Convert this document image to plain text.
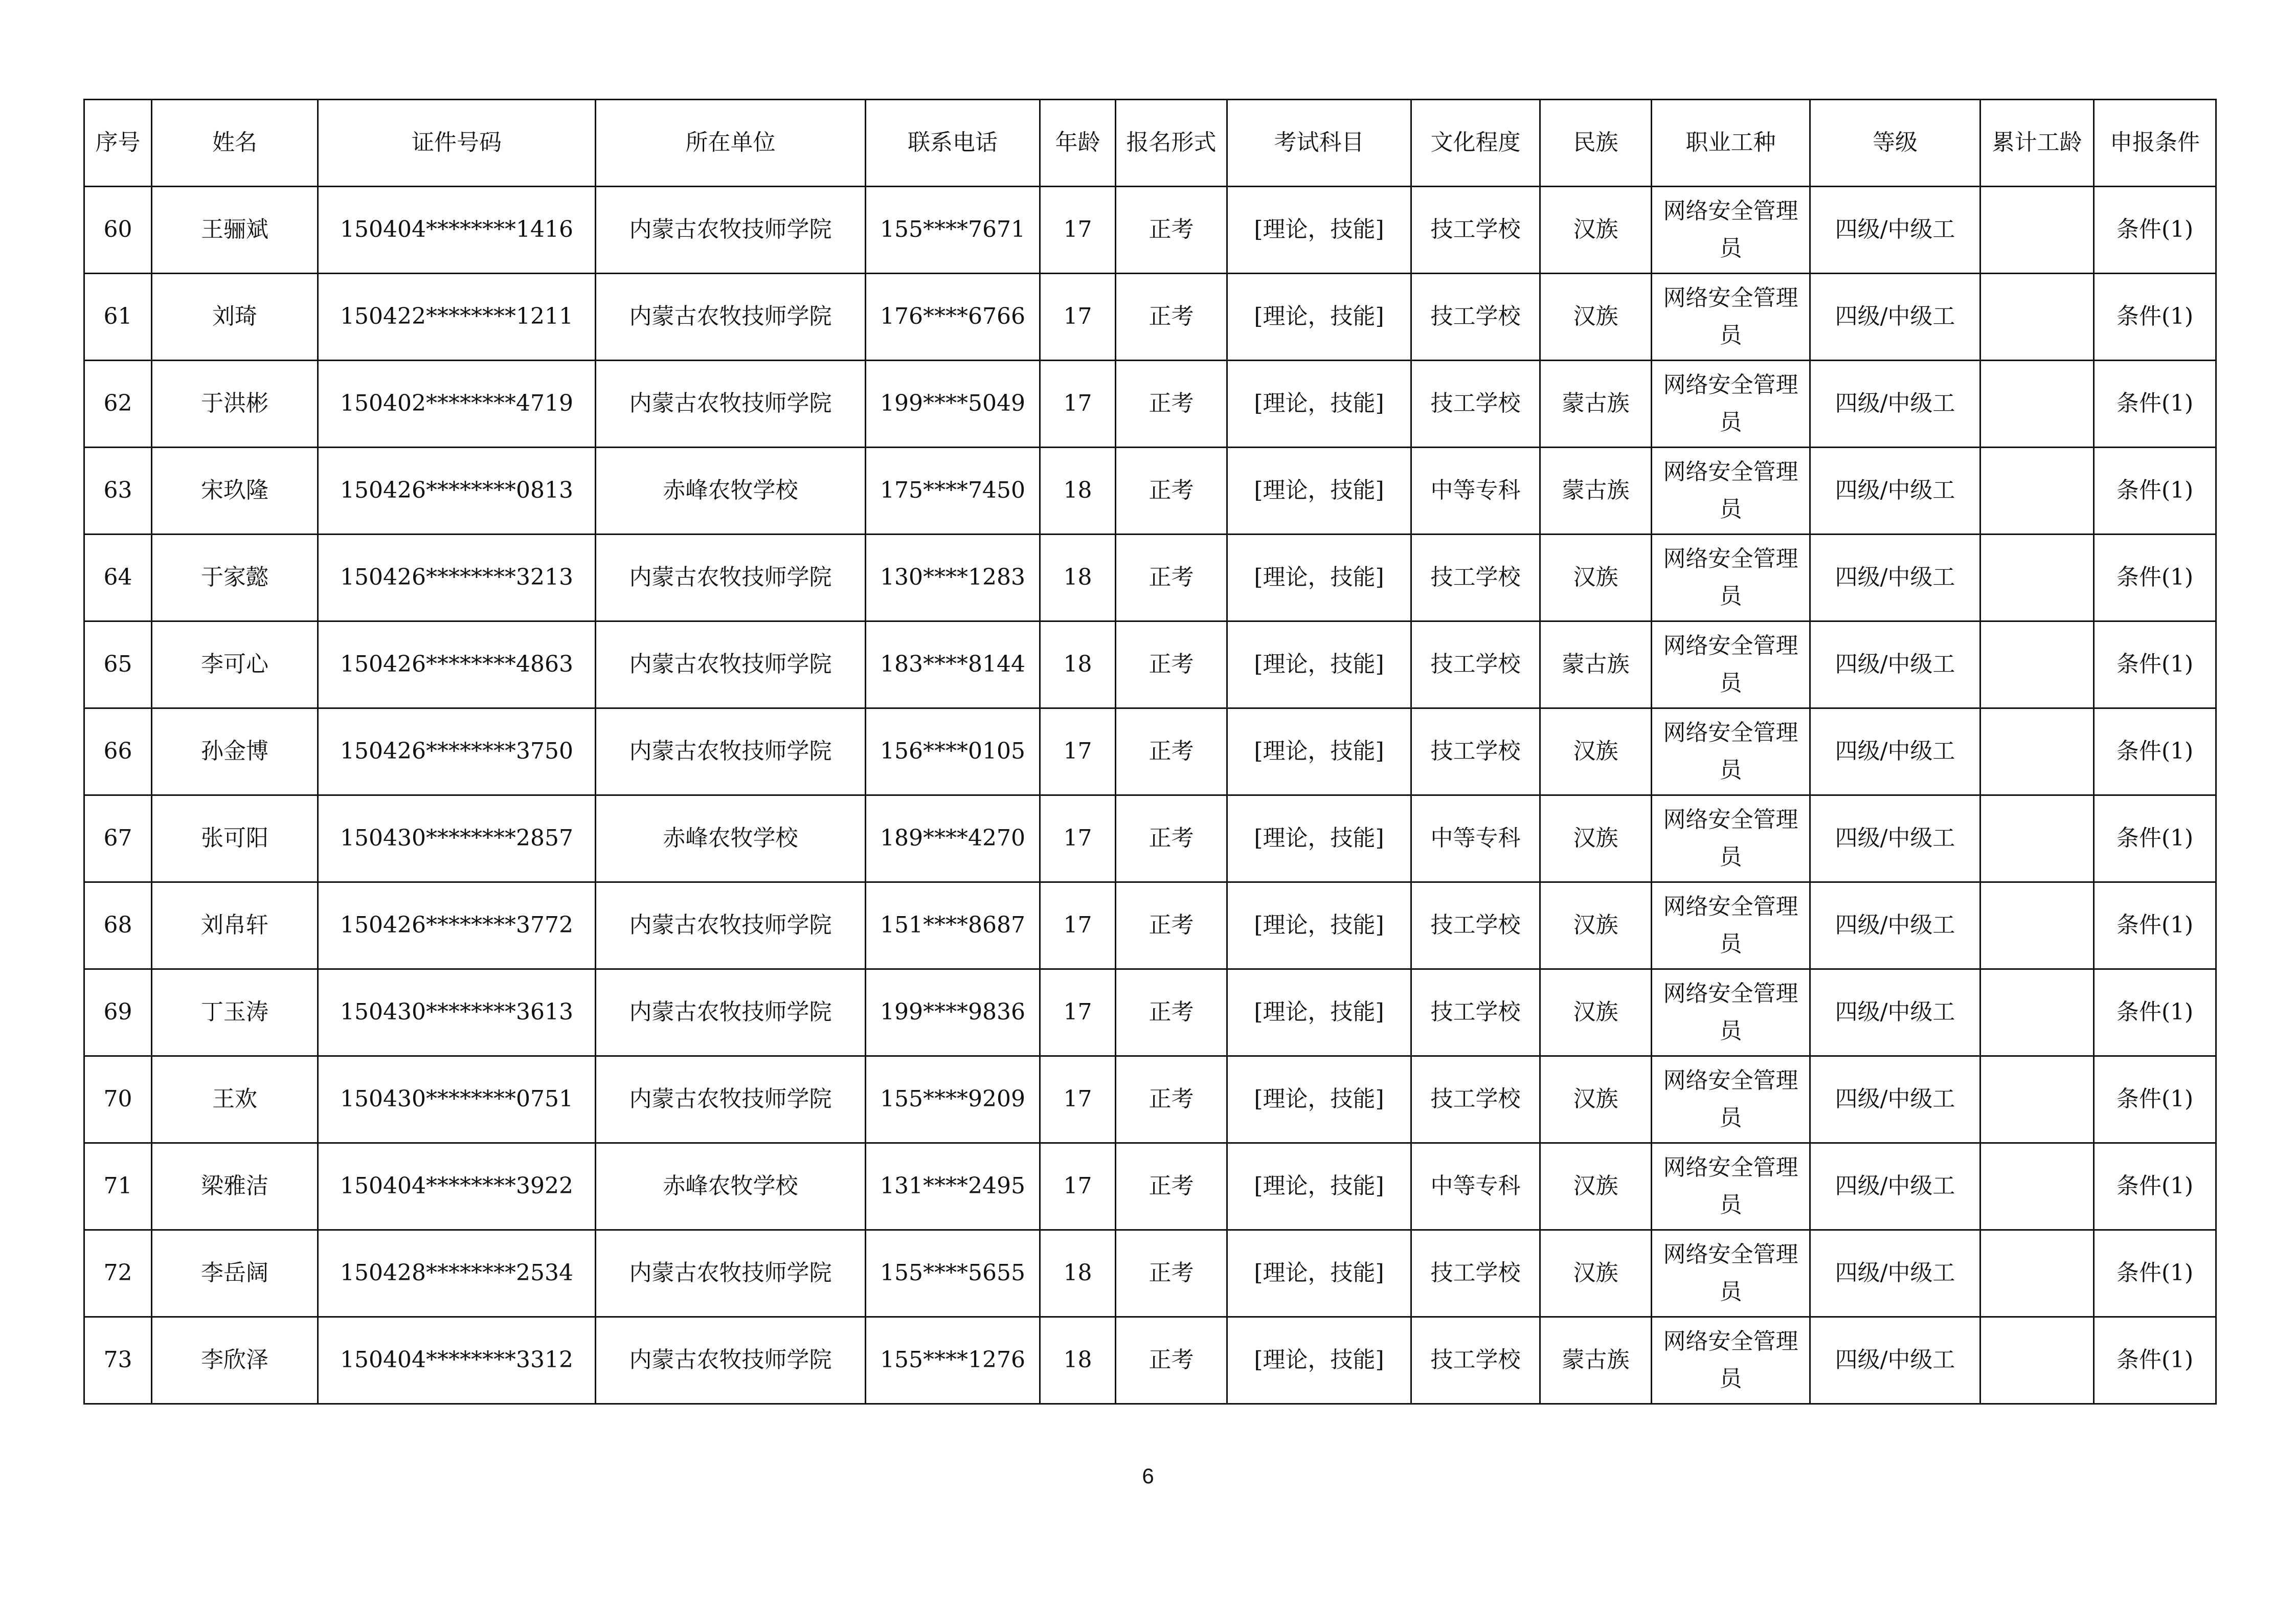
序号	姓名	证件号码	所在单位	联系电话	年龄	报名形式	考试科目	文化程度	民族	职业工种	等级	累计工龄	申报条件
60	王骊斌	150404********1416	内蒙古农牧技师学院	155****7671	17	正考	[理论，技能]	技工学校	汉族	网络安全管理员	四级/中级工		条件(1)
61	刘琦	150422********1211	内蒙古农牧技师学院	176****6766	17	正考	[理论，技能]	技工学校	汉族	网络安全管理员	四级/中级工		条件(1)
62	于洪彬	150402********4719	内蒙古农牧技师学院	199****5049	17	正考	[理论，技能]	技工学校	蒙古族	网络安全管理员	四级/中级工		条件(1)
63	宋玖隆	150426********0813	赤峰农牧学校	175****7450	18	正考	[理论，技能]	中等专科	蒙古族	网络安全管理员	四级/中级工		条件(1)
64	于家懿	150426********3213	内蒙古农牧技师学院	130****1283	18	正考	[理论，技能]	技工学校	汉族	网络安全管理员	四级/中级工		条件(1)
65	李可心	150426********4863	内蒙古农牧技师学院	183****8144	18	正考	[理论，技能]	技工学校	蒙古族	网络安全管理员	四级/中级工		条件(1)
66	孙金博	150426********3750	内蒙古农牧技师学院	156****0105	17	正考	[理论，技能]	技工学校	汉族	网络安全管理员	四级/中级工		条件(1)
67	张可阳	150430********2857	赤峰农牧学校	189****4270	17	正考	[理论，技能]	中等专科	汉族	网络安全管理员	四级/中级工		条件(1)
68	刘帛轩	150426********3772	内蒙古农牧技师学院	151****8687	17	正考	[理论，技能]	技工学校	汉族	网络安全管理员	四级/中级工		条件(1)
69	丁玉涛	150430********3613	内蒙古农牧技师学院	199****9836	17	正考	[理论，技能]	技工学校	汉族	网络安全管理员	四级/中级工		条件(1)
70	王欢	150430********0751	内蒙古农牧技师学院	155****9209	17	正考	[理论，技能]	技工学校	汉族	网络安全管理员	四级/中级工		条件(1)
71	梁雅洁	150404********3922	赤峰农牧学校	131****2495	17	正考	[理论，技能]	中等专科	汉族	网络安全管理员	四级/中级工		条件(1)
72	李岳阔	150428********2534	内蒙古农牧技师学院	155****5655	18	正考	[理论，技能]	技工学校	汉族	网络安全管理员	四级/中级工		条件(1)
73	李欣泽	150404********3312	内蒙古农牧技师学院	155****1276	18	正考	[理论，技能]	技工学校	蒙古族	网络安全管理员	四级/中级工		条件(1)
6
